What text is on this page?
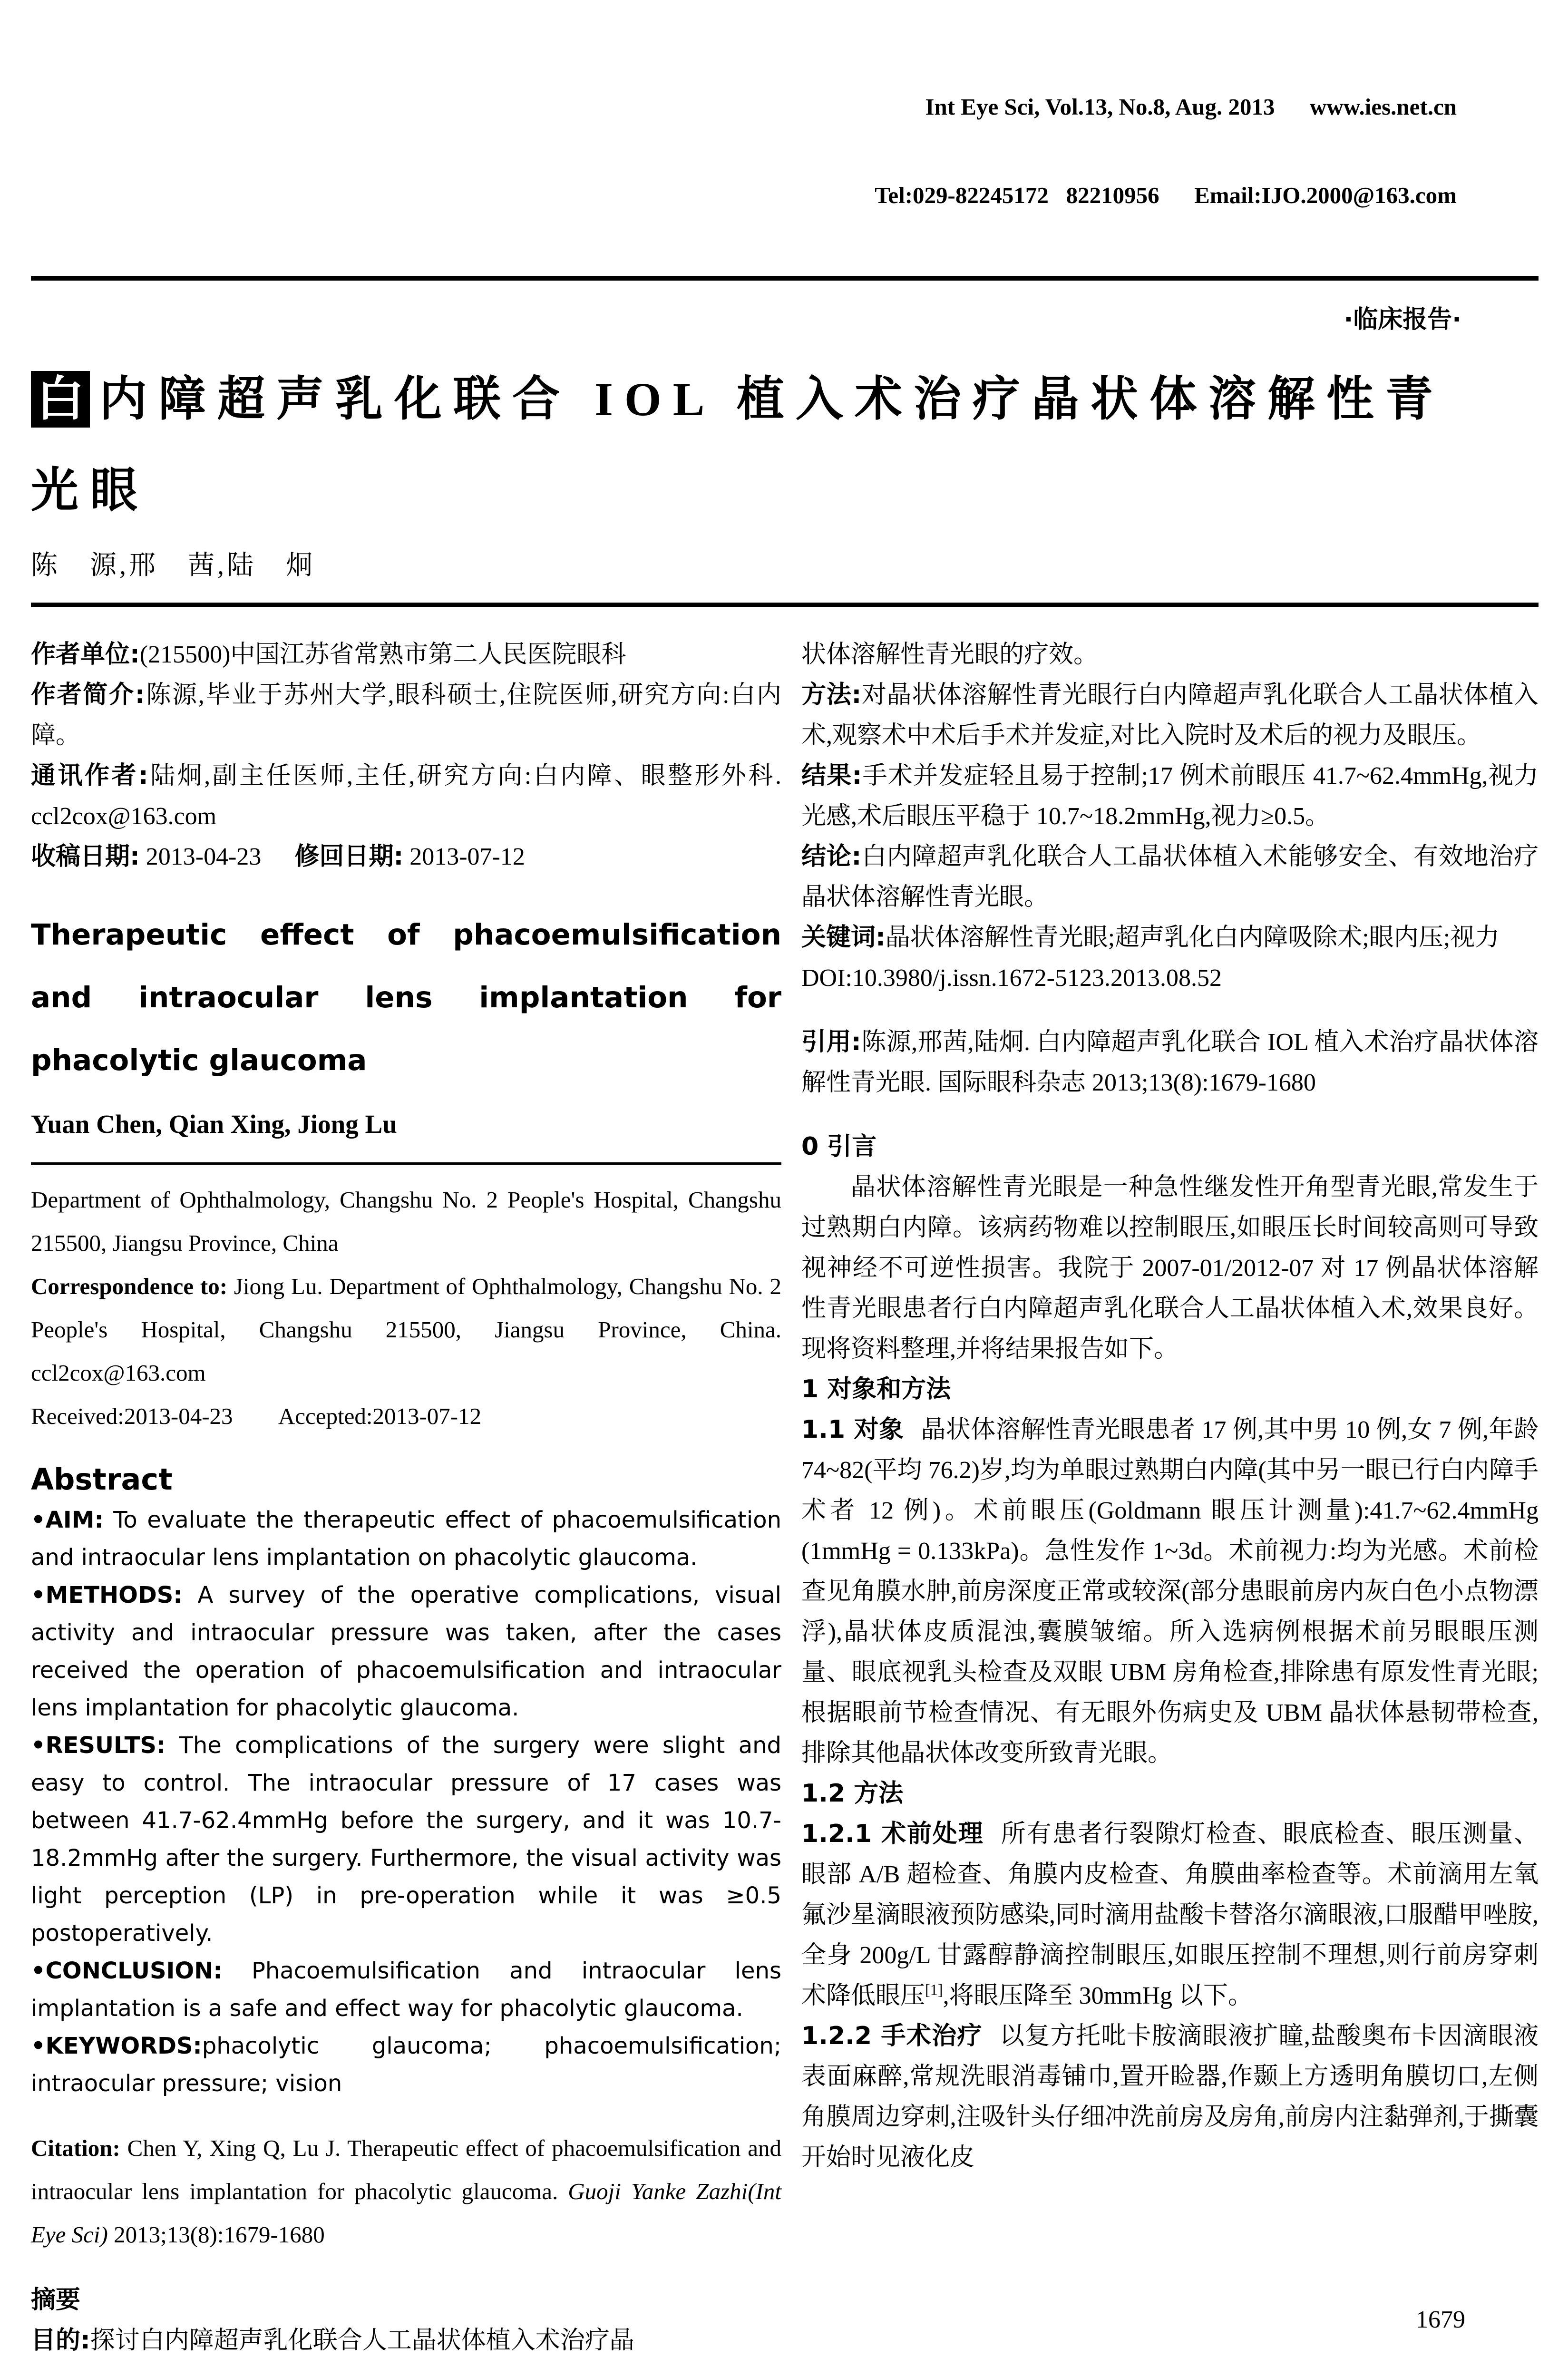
Int Eye Sci, Vol.13, No.8, Aug. 2013      www.ies.net.cn

Tel:029-82245172   82210956      Email:IJO.2000@163.com

·临床报告·
白 内障超声乳化联合 IOL 植入术治疗晶状体溶解性青
光眼
陈　源,邢　茜,陆　炯

作者单位:(215500)中国江苏省常熟市第二人民医院眼科

作者简介:陈源,毕业于苏州大学,眼科硕士,住院医师,研究方向:白内障。

通讯作者:陆炯,副主任医师,主任,研究方向:白内障、眼整形外科. ccl2cox@163.com

收稿日期: 2013-04-23 修回日期: 2013-07-12

Therapeutic effect of phacoemulsification and intraocular lens implantation for phacolytic glaucoma

Yuan Chen, Qian Xing, Jiong Lu

Department of Ophthalmology, Changshu No. 2 People's Hospital, Changshu 215500, Jiangsu Province, China

Correspondence to: Jiong Lu. Department of Ophthalmology, Changshu No. 2 People's Hospital, Changshu 215500, Jiangsu Province, China. ccl2cox@163.com

Received:2013-04-23        Accepted:2013-07-12

Abstract

•AIM: To evaluate the therapeutic effect of phacoemulsification and intraocular lens implantation on phacolytic glaucoma.

•METHODS: A survey of the operative complications, visual activity and intraocular pressure was taken, after the cases received the operation of phacoemulsification and intraocular lens implantation for phacolytic glaucoma.

•RESULTS: The complications of the surgery were slight and easy to control. The intraocular pressure of 17 cases was between 41.7-62.4mmHg before the surgery, and it was 10.7-18.2mmHg after the surgery. Furthermore, the visual activity was light perception (LP) in pre-operation while it was ≥0.5 postoperatively.

•CONCLUSION: Phacoemulsification and intraocular lens implantation is a safe and effect way for phacolytic glaucoma.

•KEYWORDS:phacolytic glaucoma; phacoemulsification; intraocular pressure; vision

Citation: Chen Y, Xing Q, Lu J. Therapeutic effect of phacoemulsification and intraocular lens implantation for phacolytic glaucoma. Guoji Yanke Zazhi(Int Eye Sci) 2013;13(8):1679-1680

摘要

目的:探讨白内障超声乳化联合人工晶状体植入术治疗晶

状体溶解性青光眼的疗效。

方法:对晶状体溶解性青光眼行白内障超声乳化联合人工晶状体植入术,观察术中术后手术并发症,对比入院时及术后的视力及眼压。

结果:手术并发症轻且易于控制;17 例术前眼压 41.7~62.4mmHg,视力光感,术后眼压平稳于 10.7~18.2mmHg,视力≥0.5。

结论:白内障超声乳化联合人工晶状体植入术能够安全、有效地治疗晶状体溶解性青光眼。

关键词:晶状体溶解性青光眼;超声乳化白内障吸除术;眼内压;视力

DOI:10.3980/j.issn.1672-5123.2013.08.52

引用:陈源,邢茜,陆炯. 白内障超声乳化联合 IOL 植入术治疗晶状体溶解性青光眼. 国际眼科杂志 2013;13(8):1679-1680

0 引言

晶状体溶解性青光眼是一种急性继发性开角型青光眼,常发生于过熟期白内障。该病药物难以控制眼压,如眼压长时间较高则可导致视神经不可逆性损害。我院于 2007-01/2012-07 对 17 例晶状体溶解性青光眼患者行白内障超声乳化联合人工晶状体植入术,效果良好。现将资料整理,并将结果报告如下。

1 对象和方法

1.1 对象 晶状体溶解性青光眼患者 17 例,其中男 10 例,女 7 例,年龄 74~82(平均 76.2)岁,均为单眼过熟期白内障(其中另一眼已行白内障手术者 12 例)。术前眼压(Goldmann 眼压计测量):41.7~62.4mmHg (1mmHg = 0.133kPa)。急性发作 1~3d。术前视力:均为光感。术前检查见角膜水肿,前房深度正常或较深(部分患眼前房内灰白色小点物漂浮),晶状体皮质混浊,囊膜皱缩。所入选病例根据术前另眼眼压测量、眼底视乳头检查及双眼 UBM 房角检查,排除患有原发性青光眼;根据眼前节检查情况、有无眼外伤病史及 UBM 晶状体悬韧带检查,排除其他晶状体改变所致青光眼。

1.2 方法

1.2.1 术前处理 所有患者行裂隙灯检查、眼底检查、眼压测量、眼部 A/B 超检查、角膜内皮检查、角膜曲率检查等。术前滴用左氧氟沙星滴眼液预防感染,同时滴用盐酸卡替洛尔滴眼液,口服醋甲唑胺,全身 200g/L 甘露醇静滴控制眼压,如眼压控制不理想,则行前房穿刺术降低眼压[1],将眼压降至 30mmHg 以下。

1.2.2 手术治疗 以复方托吡卡胺滴眼液扩瞳,盐酸奥布卡因滴眼液表面麻醉,常规洗眼消毒铺巾,置开睑器,作颞上方透明角膜切口,左侧角膜周边穿刺,注吸针头仔细冲洗前房及房角,前房内注黏弹剂,于撕囊开始时见液化皮

1679
